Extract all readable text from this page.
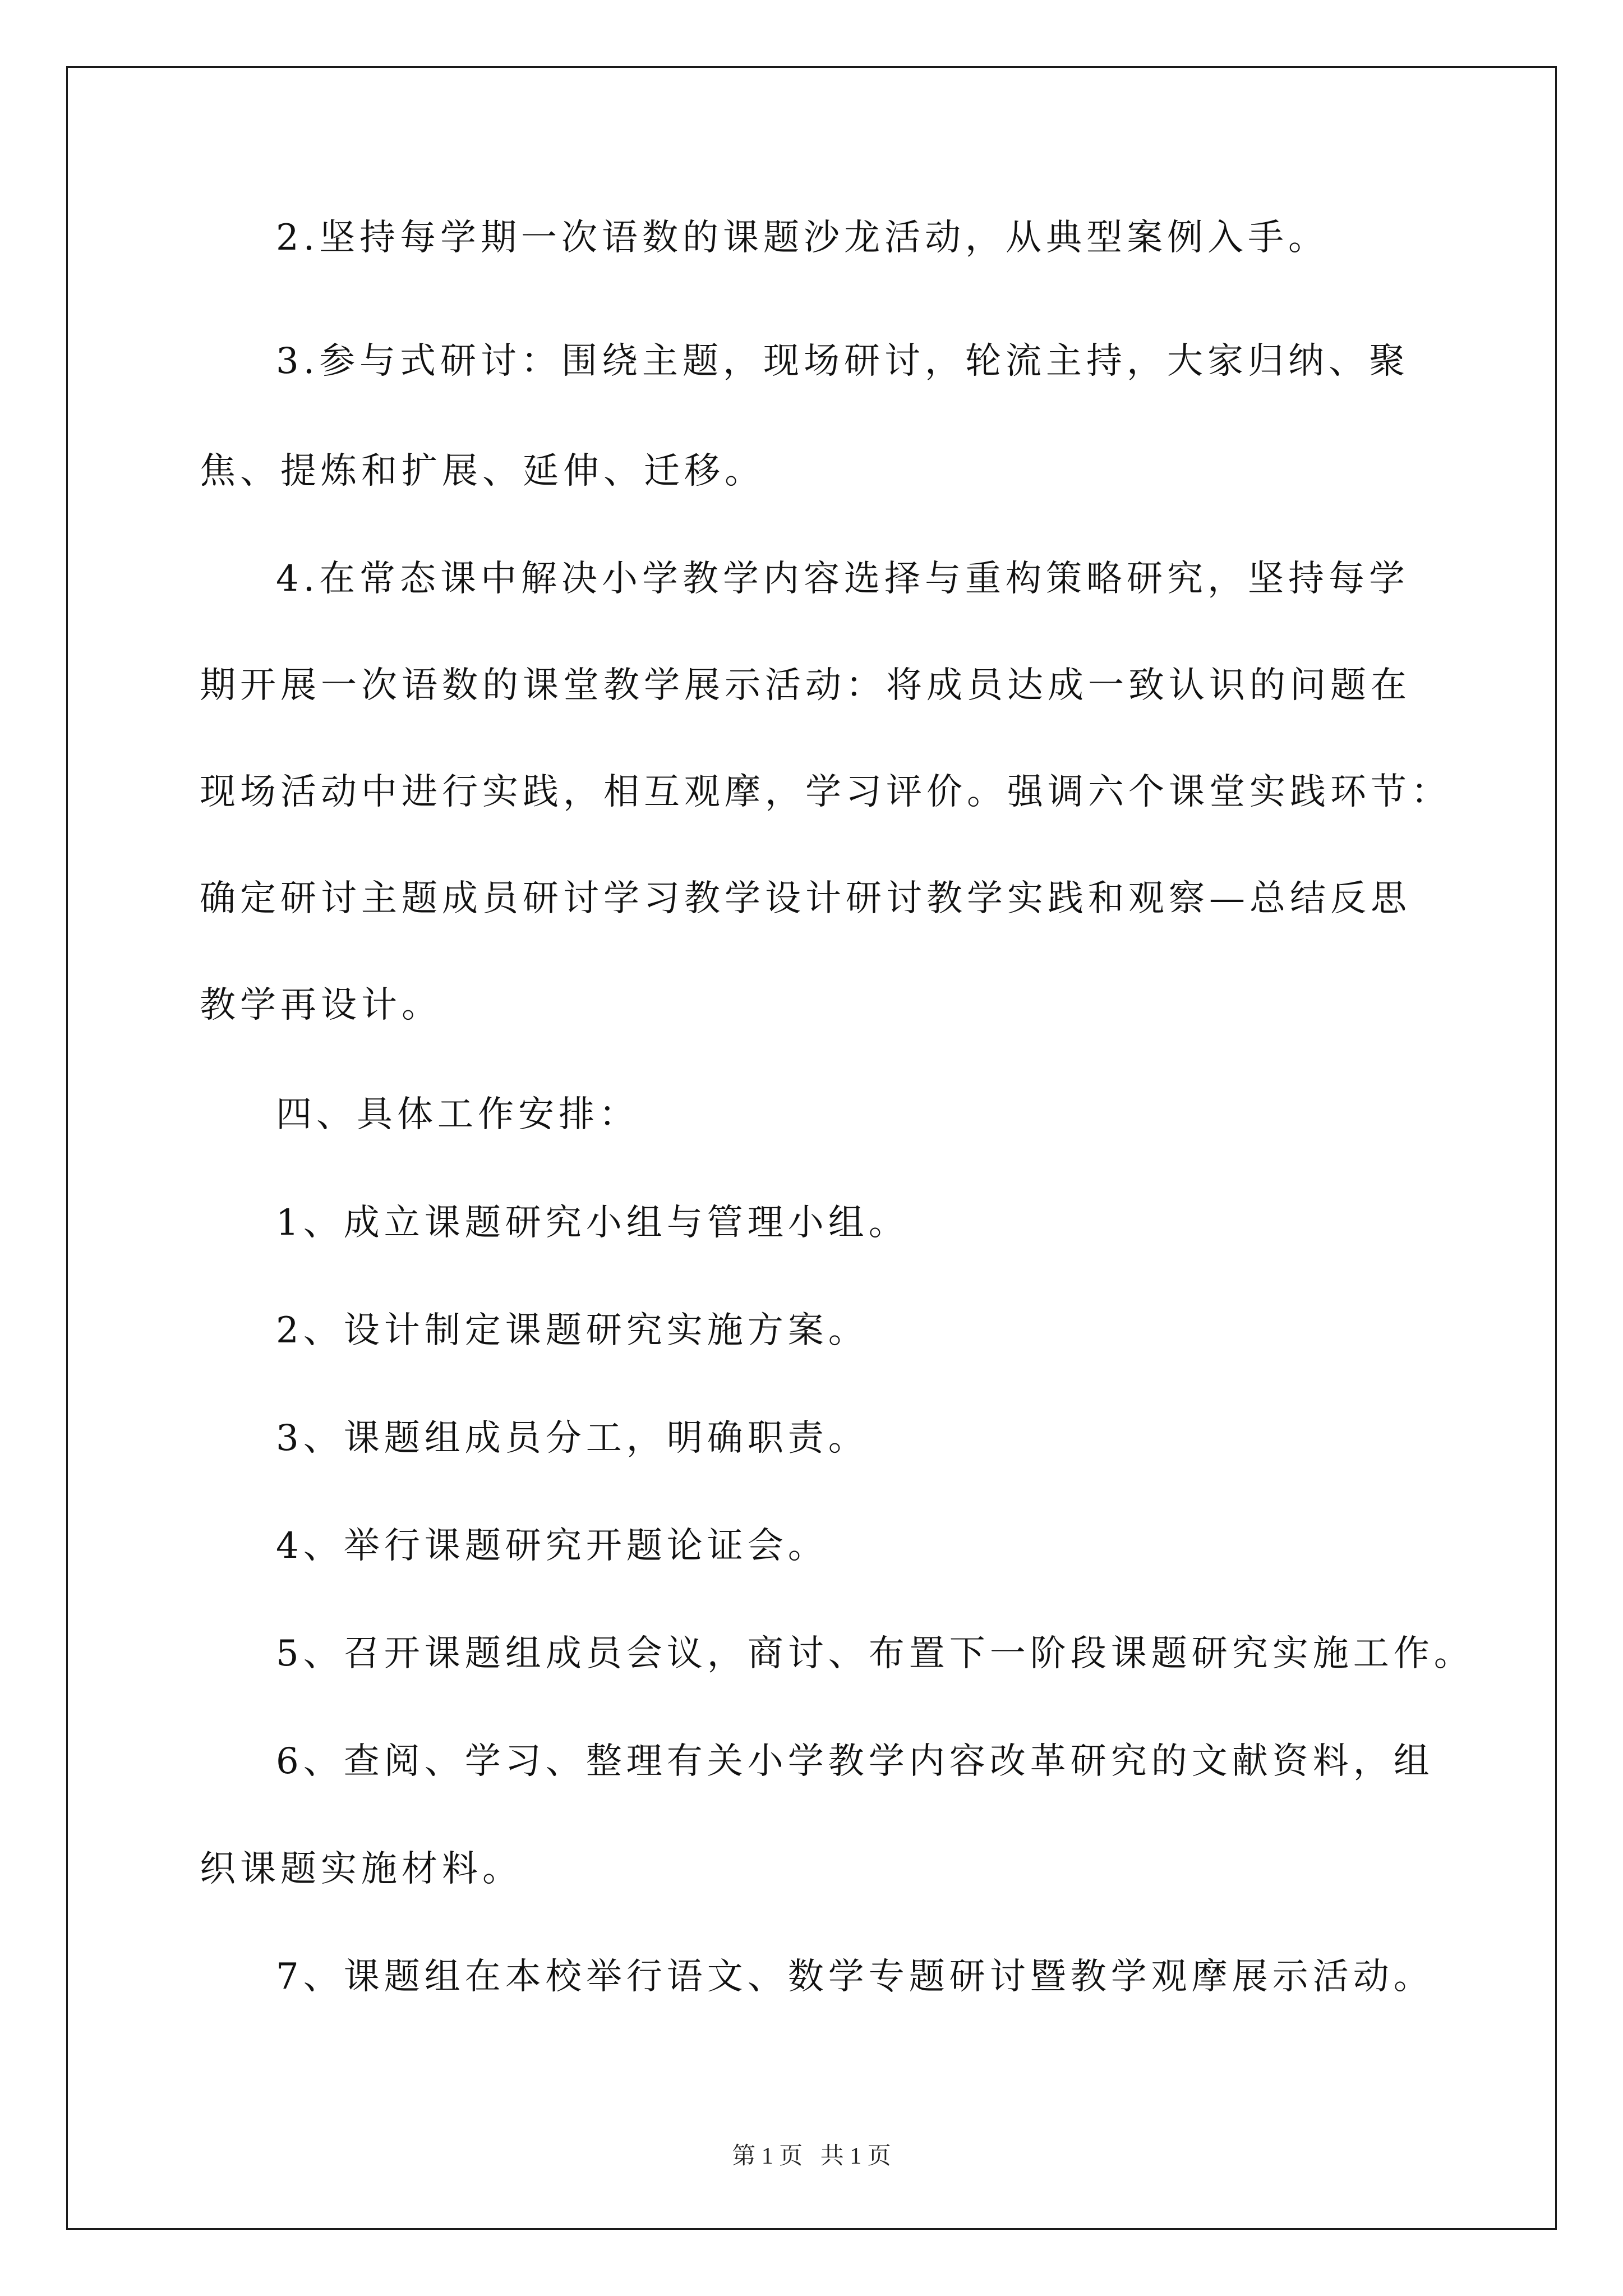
2.坚持每学期一次语数的课题沙龙活动，从典型案例入手。
3.参与式研讨：围绕主题，现场研讨，轮流主持，大家归纳、聚
焦、提炼和扩展、延伸、迁移。
4.在常态课中解决小学教学内容选择与重构策略研究，坚持每学
期开展一次语数的课堂教学展示活动：将成员达成一致认识的问题在
现场活动中进行实践，相互观摩，学习评价。强调六个课堂实践环节：
确定研讨主题成员研讨学习教学设计研讨教学实践和观察—总结反思
教学再设计。
四、具体工作安排：
1、成立课题研究小组与管理小组。
2、设计制定课题研究实施方案。
3、课题组成员分工，明确职责。
4、举行课题研究开题论证会。
5、召开课题组成员会议，商讨、布置下一阶段课题研究实施工作。
6、查阅、学习、整理有关小学教学内容改革研究的文献资料，组
织课题实施材料。
7、课题组在本校举行语文、数学专题研讨暨教学观摩展示活动。
第 1 页   共 1 页
